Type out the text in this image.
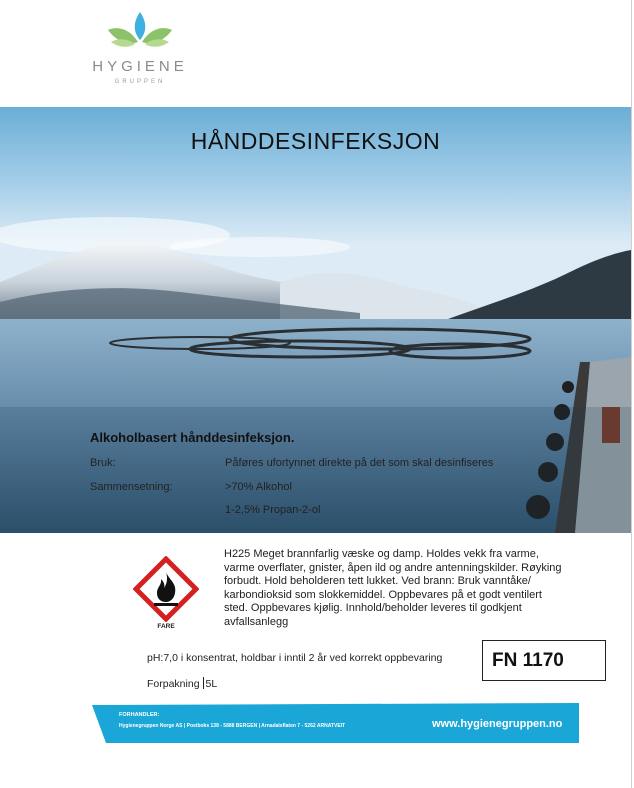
HYGIENE
GRUPPEN
HÅNDDESINFEKSJON
Alkoholbasert hånddesinfeksjon.
Bruk:	Påføres ufortynnet direkte på det som skal desinfiseres
Sammensetning:	>70% Alkohol
1-2,5% Propan-2-ol
FARE
H225 Meget brannfarlig væske og damp. Holdes vekk fra varme,
varme overflater, gnister, åpen ild og andre antenningskilder. Røyking
forbudt. Hold beholderen tett lukket. Ved brann: Bruk vanntåke/
karbondioksid som slokkemiddel. Oppbevares på et godt ventilert
sted. Oppbevares kjølig. Innhold/beholder leveres til godkjent
avfallsanlegg
pH:7,0 i konsentrat, holdbar i inntil 2 år ved korrekt oppbevaring
Forpakning 5L
FN 1170
FORHANDLER:
Hygienegruppen Norge AS | Postboks 138 - 5888 BERGEN | Arnadalsflaten 7 - 5262 ARNATVEIT	www.hygienegruppen.no
